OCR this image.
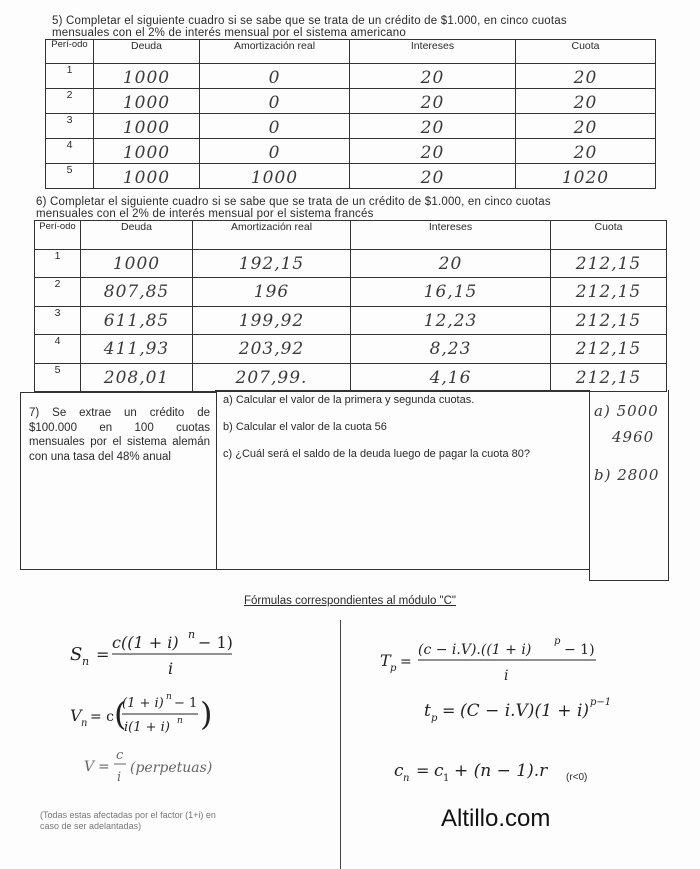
5) Completar el siguiente cuadro si se sabe que se trata de un crédito de $1.000, en cinco cuotas
mensuales con el 2% de interés mensual por el sistema americano
Perí-odo	Deuda	Amortización real	Intereses	Cuota
1	1000	0	20	20

2	1000	0	20	20

3	1000	0	20	20

4	1000	0	20	20

5	1000	1000	20	1020
6) Completar el siguiente cuadro si se sabe que se trata de un crédito de $1.000, en cinco cuotas
mensuales con el 2% de interés mensual por el sistema francés
Perí-odo	Deuda	Amortización real	Intereses	Cuota
1	1000	192,15	20	212,15

2	807,85	196	16,15	212,15

3	611,85	199,92	12,23	212,15

4	411,93	203,92	8,23	212,15

5	208,01	207,99.	4,16	212,15
7) Se extrae un crédito de $100.000 en 100 cuotas mensuales por el sistema alemán con una tasa del 48% anual
a) Calcular el valor de la primera y segunda cuotas.
b) Calcular el valor de la cuota 56
c) ¿Cuál será el saldo de la deuda luego de pagar la cuota 80?
a) 5000
4960
b) 2800
Fórmulas correspondientes al módulo "C"
S n =
c((1 + i) n − 1)
i
V n = c (
(1 + i) n − 1
i(1 + i) n )
V =
c
i
(perpetuas)
(Todas estas afectadas por el factor (1+i) en
caso de ser adelantadas)
T p =
(c − i.V).((1 + i)
p
− 1)
i
t p = (C − i.V)(1 + i) p−1
c n = c 1 + (n − 1).r (r<0)
Altillo.com
